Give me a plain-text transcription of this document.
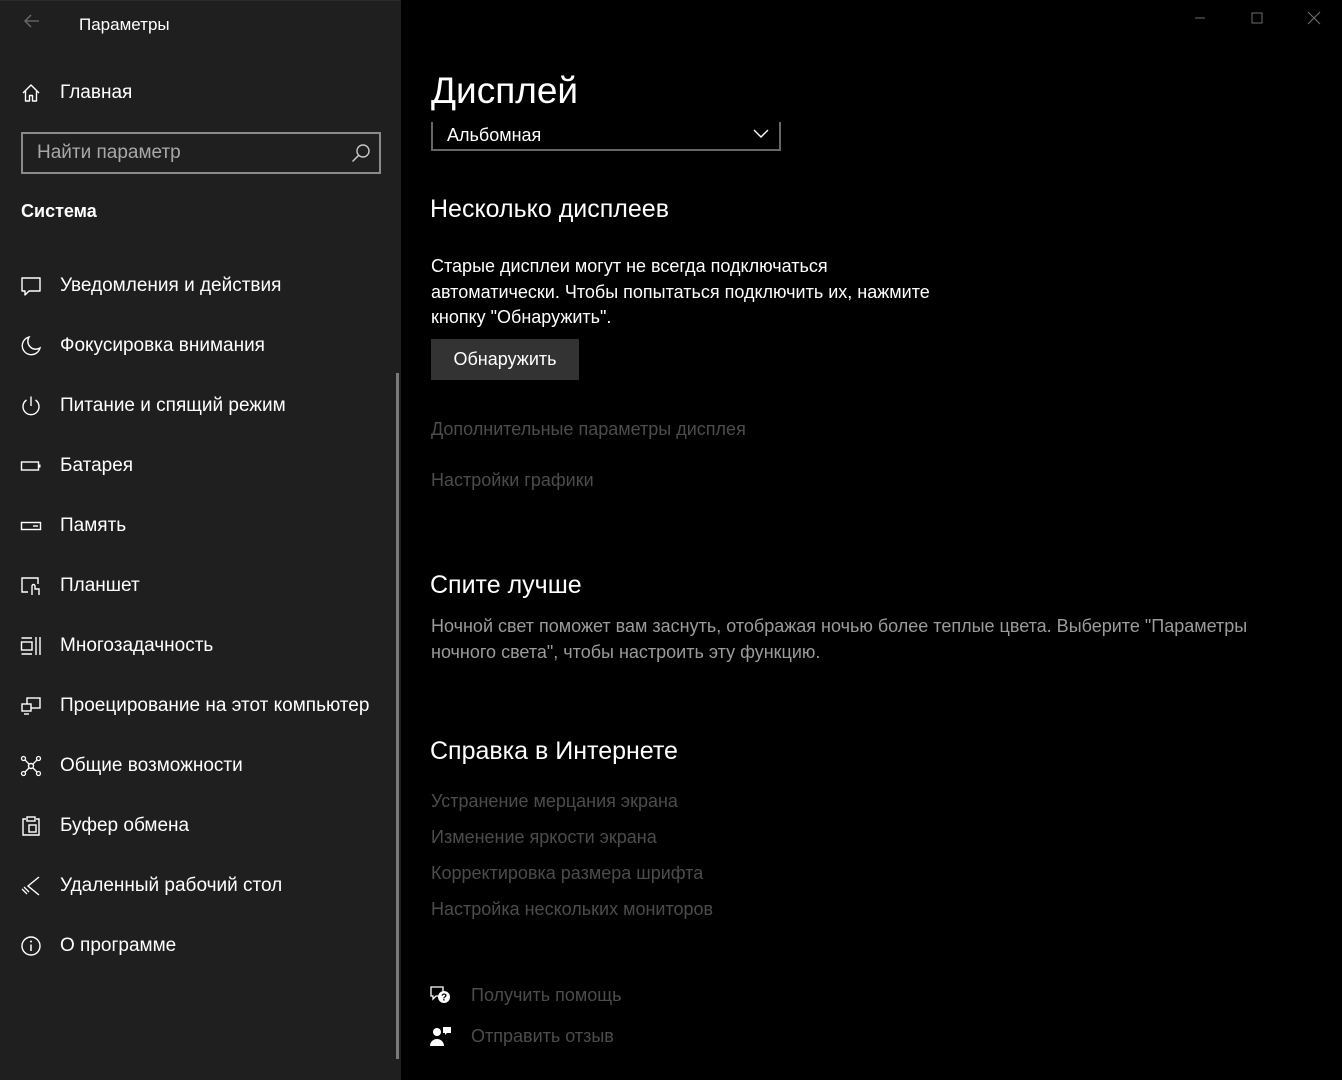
Параметры
Главная
Найти параметр
Система
Уведомления и действия
Фокусировка внимания
Питание и спящий режим
Батарея
Память
Планшет
Многозадачность
Проецирование на этот компьютер
Общие возможности
Буфер обмена
Удаленный рабочий стол
О программе
Дисплей
Альбомная
Несколько дисплеев
Старые дисплеи могут не всегда подключаться
автоматически. Чтобы попытаться подключить их, нажмите
кнопку "Обнаружить".
Обнаружить
Дополнительные параметры дисплея
Настройки графики
Спите лучше
Ночной свет поможет вам заснуть, отображая ночью более теплые цвета. Выберите "Параметры
ночного света", чтобы настроить эту функцию.
Справка в Интернете
Устранение мерцания экрана
Изменение яркости экрана
Корректировка размера шрифта
Настройка нескольких мониторов
? Получить помощь
Отправить отзыв
